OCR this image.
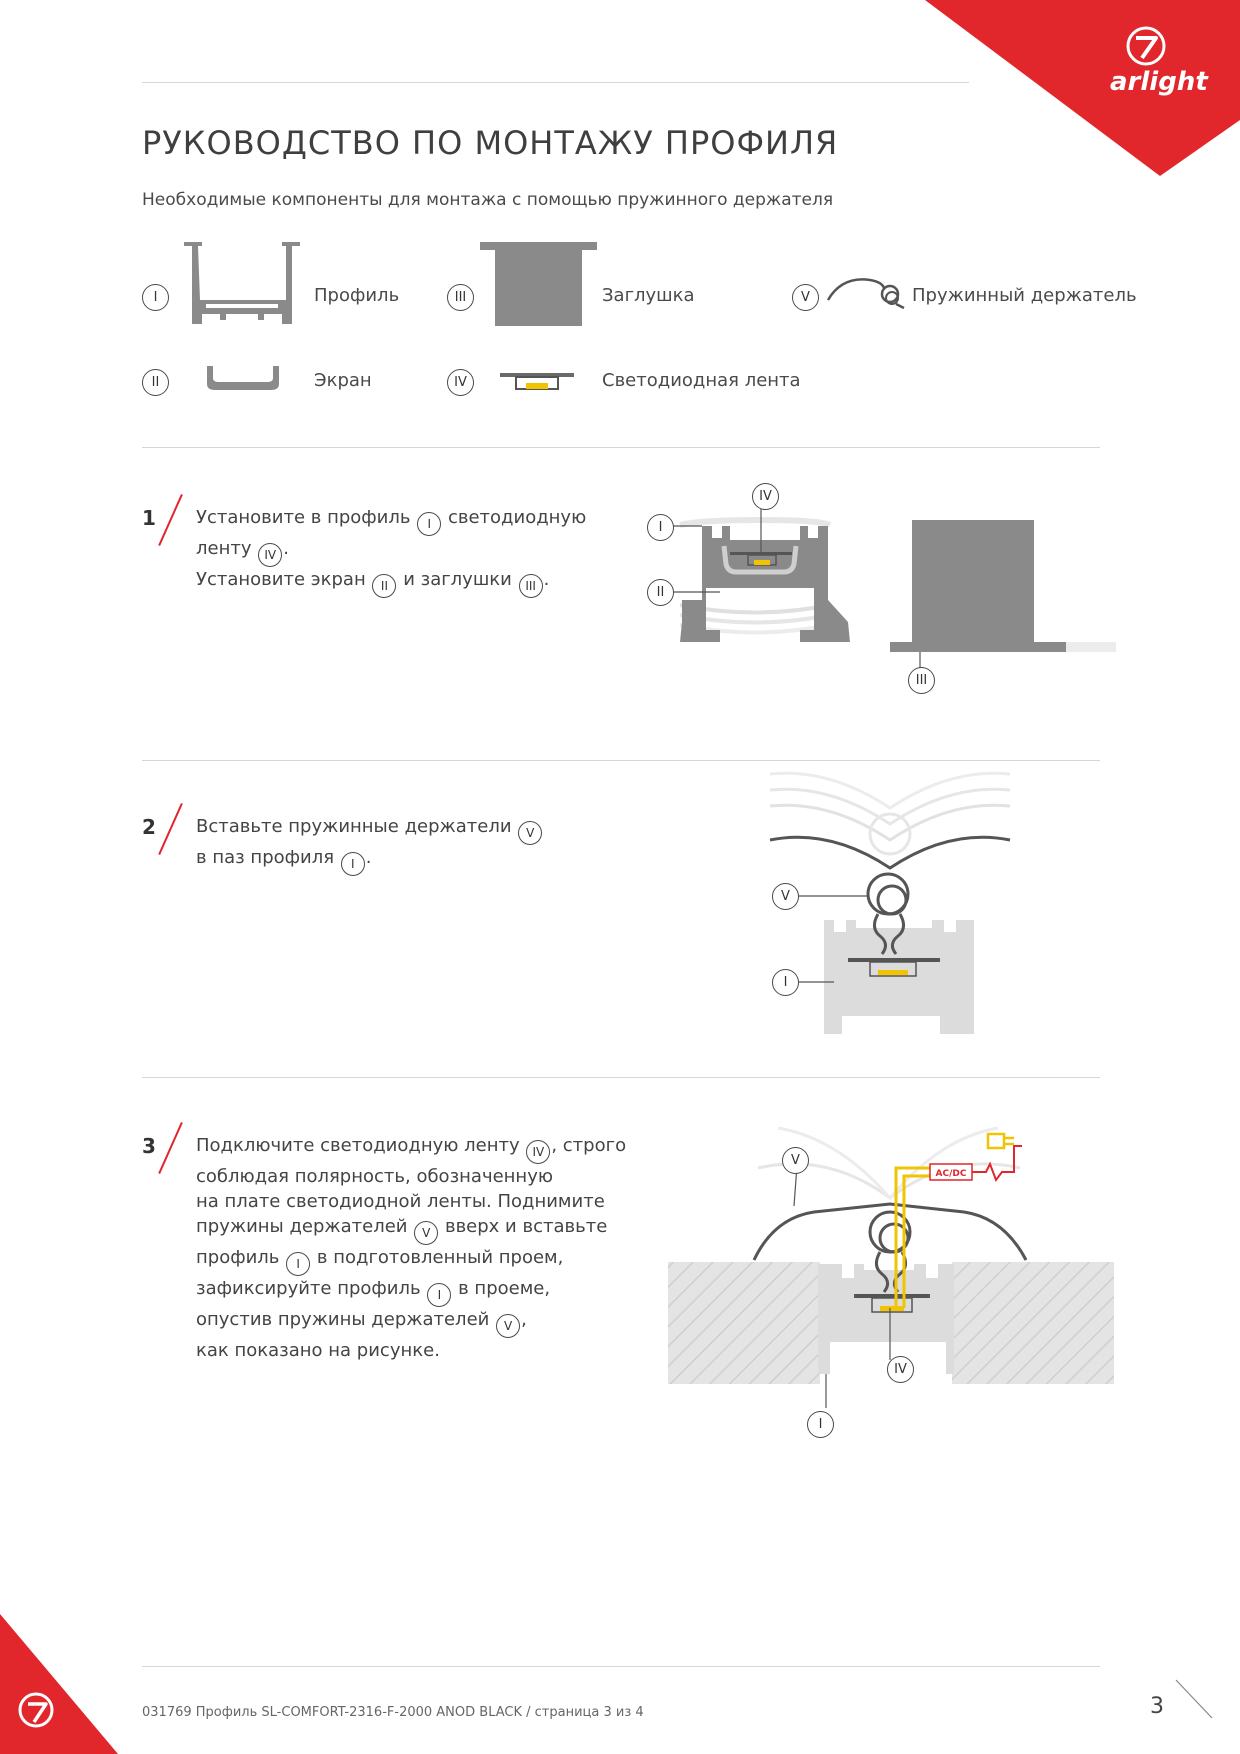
arlight
РУКОВОДСТВО ПО МОНТАЖУ ПРОФИЛЯ
Необходимые компоненты для монтажа с помощью пружинного держателя
I	Профиль
II	Экран
III	Заглушка
IV	Светодиодная лента
V	Пружинный держатель
1 Установите в профиль I светодиодную
ленту IV .
Установите экран II и заглушки III .
I
II
IV
III
2 Вставьте пружинные держатели V
в паз профиля I .
V
I
3 Подключите светодиодную ленту IV , строго
соблюдая полярность, обозначенную
на плате светодиодной ленты. Поднимите
пружины держателей V вверх и вставьте
профиль I в подготовленный проем,
зафиксируйте профиль I в проеме,
опустив пружины держателей V ,
как показано на рисунке.
AC/DC
V
IV
I
031769 Профиль SL-COMFORT-2316-F-2000 ANOD BLACK / страница 3 из 4	3
